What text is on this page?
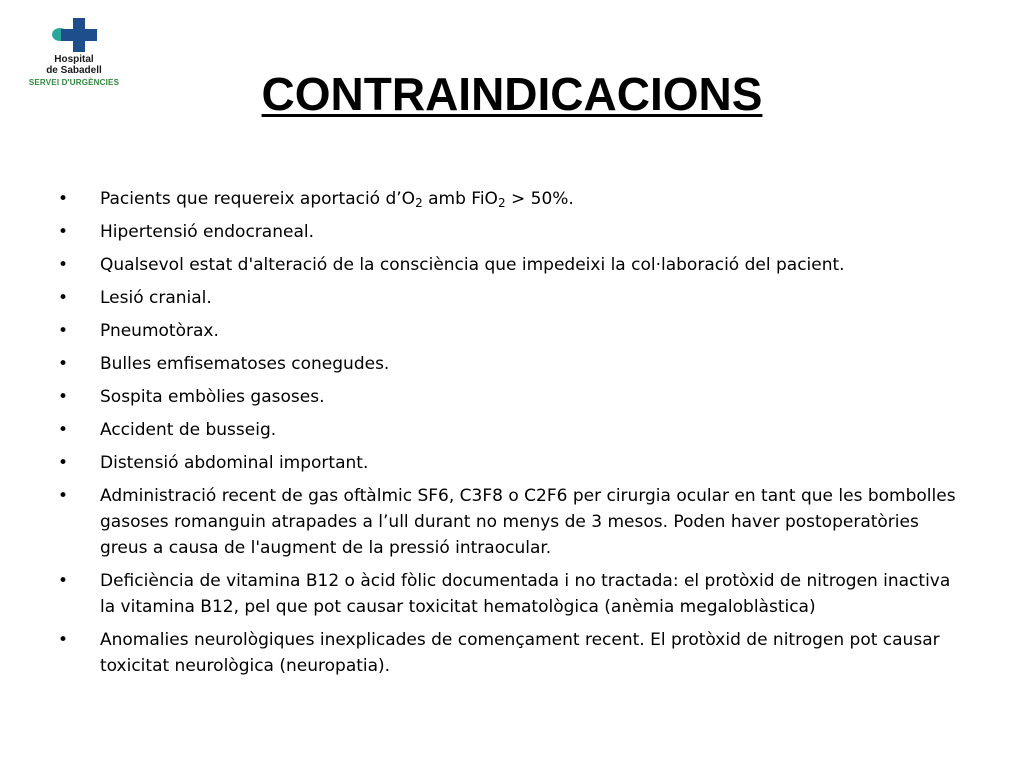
Hospital
de Sabadell
SERVEI D'URGÈNCIES	CONTRAINDICACIONS
• Pacients que requereix aportació $d’O_2$ amb FiO$_2$ > 50%.
• Hipertensió endocraneal.
• Qualsevol estat d'alteració de la consciència que impedeixi la col·laboració del pacient.
• Lesió cranial.
• Pneumotòrax.
• Bulles emfisematoses conegudes.
• Sospita embòlies gasoses.
• Accident de busseig.
• Distensió abdominal important.
• Administració recent de gas oftàlmic SF6, C3F8 o C2F6 per cirurgia ocular en tant que les bombolles gasoses romanguin atrapades a l’ull durant no menys de 3 mesos. Poden haver postoperatòries greus a causa de l'augment de la pressió intraocular.
• Deficiència de vitamina B12 o àcid fòlic documentada i no tractada: el protòxid de nitrogen inactiva la vitamina B12, pel que pot causar toxicitat hematològica (anèmia megaloblàstica)
• Anomalies neurològiques inexplicades de començament recent. El protòxid de nitrogen pot causar toxicitat neurològica (neuropatia).
